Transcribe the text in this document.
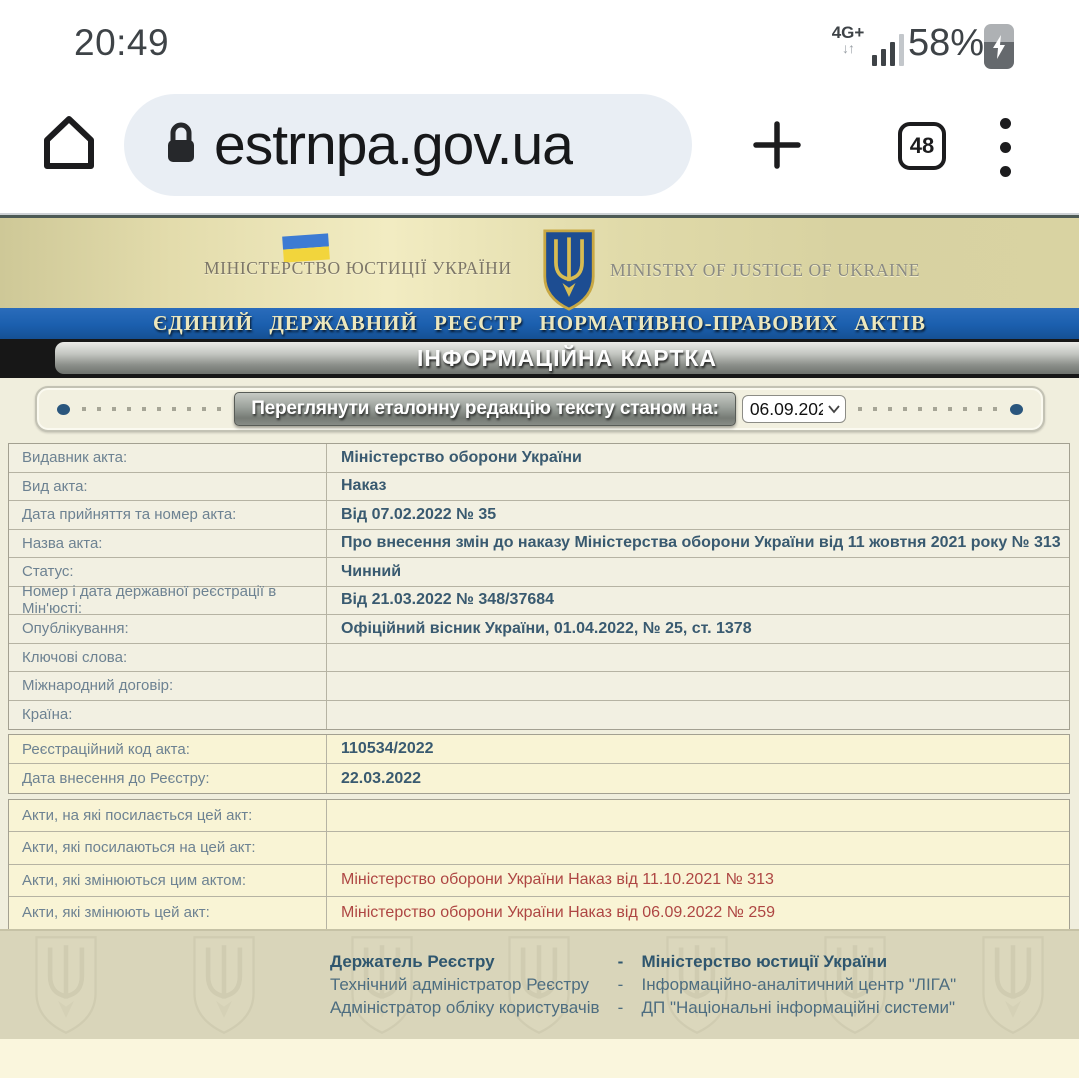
20:49	4G+
↓↑	58%
estrnpa.gov.ua	48
МІНІСТЕРСТВО ЮСТИЦІЇ УКРАЇНИ	MINISTRY OF JUSTICE OF UKRAINE
ЄДИНИЙ ДЕРЖАВНИЙ РЕЄСТР НОРМАТИВНО-ПРАВОВИХ АКТІВ
ІНФОРМАЦІЙНА КАРТКА
Переглянути еталонну редакцію тексту станом на:
06.09.2022
Видавник акта:	Міністерство оборони України
Вид акта:	Наказ
Дата прийняття та номер акта:	Від 07.02.2022 № 35
Назва акта:	Про внесення змін до наказу Міністерства оборони України від 11 жовтня 2021 року № 313
Статус:	Чинний
Номер і дата державної реєстрації в Мін'юсті:
Від 21.03.2022 № 348/37684
Опублікування:	Офіційний вісник України, 01.04.2022, № 25, ст. 1378
Ключові слова:
Міжнародний договір:
Країна:
Реєстраційний код акта:	110534/2022
Дата внесення до Реєстру:	22.03.2022
Акти, на які посилається цей акт:
Акти, які посилаються на цей акт:
Акти, які змінюються цим актом:	Міністерство оборони України Наказ від 11.10.2021 № 313
Акти, які змінюють цей акт:	Міністерство оборони України Наказ від 06.09.2022 № 259
Держатель Реєстру	-	Міністерство юстиції України
Технічний адміністратор Реєстру	-	Інформаційно-аналітичний центр "ЛІГА"
Адміністратор обліку користувачів	-	ДП "Національні інформаційні системи"
